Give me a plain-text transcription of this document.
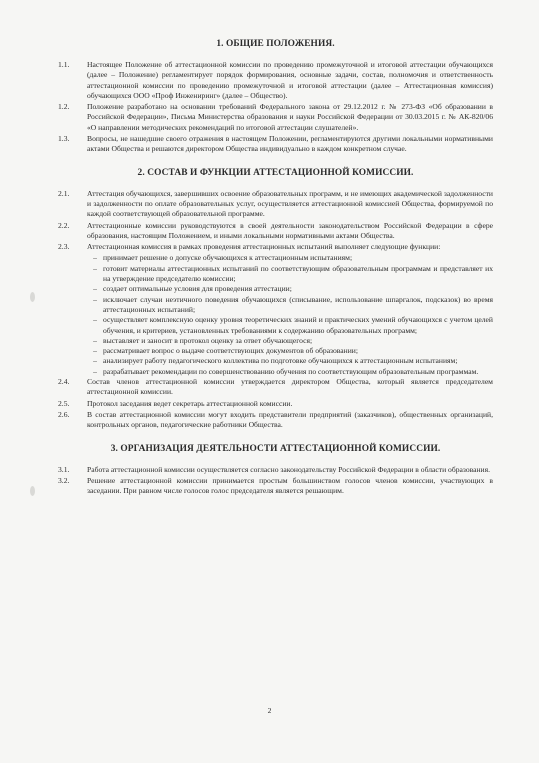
1. ОБЩИЕ ПОЛОЖЕНИЯ.
1.1.	Настоящее Положение об аттестационной комиссии по проведению промежуточной и итоговой аттестации обучающихся (далее – Положение) регламентирует порядок формирования, основные задачи, состав, полномочия и ответственность аттестационной комиссии по проведению промежуточной и итоговой аттестации (далее – Аттестационная комиссия) обучающихся ООО «Проф Инжениринг» (далее – Общество).
1.2.	Положение разработано на основании требований Федерального закона от 29.12.2012 г. № 273-ФЗ «Об образовании в Российской Федерации», Письма Министерства образования и науки Российской Федерации от 30.03.2015 г. № АК-820/06 «О направлении методических рекомендаций по итоговой аттестации слушателей».
1.3.	Вопросы, не нашедшие своего отражения в настоящем Положении, регламентируются другими локальными нормативными актами Общества и решаются директором Общества индивидуально в каждом конкретном случае.
2. СОСТАВ И ФУНКЦИИ АТТЕСТАЦИОННОЙ КОМИССИИ.
2.1.	Аттестация обучающихся, завершивших освоение образовательных программ, и не имеющих академической задолженности и задолженности по оплате образовательных услуг, осуществляется аттестационной комиссией Общества, формируемой по каждой соответствующей образовательной программе.
2.2.	Аттестационные комиссии руководствуются в своей деятельности законодательством Российской Федерации в сфере образования, настоящим Положением, и иными локальными нормативными актами Общества.
2.3.	Аттестационная комиссия в рамках проведения аттестационных испытаний выполняет следующие функции:
– принимает решение о допуске обучающихся к аттестационным испытаниям;
– готовит материалы аттестационных испытаний по соответствующим образовательным программам и представляет их на утверждение председателю комиссии;
– создает оптимальные условия для проведения аттестации;
– исключает случаи неэтичного поведения обучающихся (списывание, использование шпаргалок, подсказок) во время аттестационных испытаний;
– осуществляет комплексную оценку уровня теоретических знаний и практических умений обучающихся с учетом целей обучения, и критериев, установленных требованиями к содержанию образовательных программ;
– выставляет и заносит в протокол оценку за ответ обучающегося;
– рассматривает вопрос о выдаче соответствующих документов об образовании;
– анализирует работу педагогического коллектива по подготовке обучающихся к аттестационным испытаниям;
– разрабатывает рекомендации по совершенствованию обучения по соответствующим образовательным программам.
2.4.	Состав членов аттестационной комиссии утверждается директором Общества, который является председателем аттестационной комиссии.
2.5.	Протокол заседания ведет секретарь аттестационной комиссии.
2.6.	В состав аттестационной комиссии могут входить представители предприятий (заказчиков), общественных организаций, контрольных органов, педагогические работники Общества.
3. ОРГАНИЗАЦИЯ ДЕЯТЕЛЬНОСТИ АТТЕСТАЦИОННОЙ КОМИССИИ.
3.1.	Работа аттестационной комиссии осуществляется согласно законодательству Российской Федерации в области образования.
3.2.	Решение аттестационной комиссии принимается простым большинством голосов членов комиссии, участвующих в заседании. При равном числе голосов голос председателя является решающим.
2
